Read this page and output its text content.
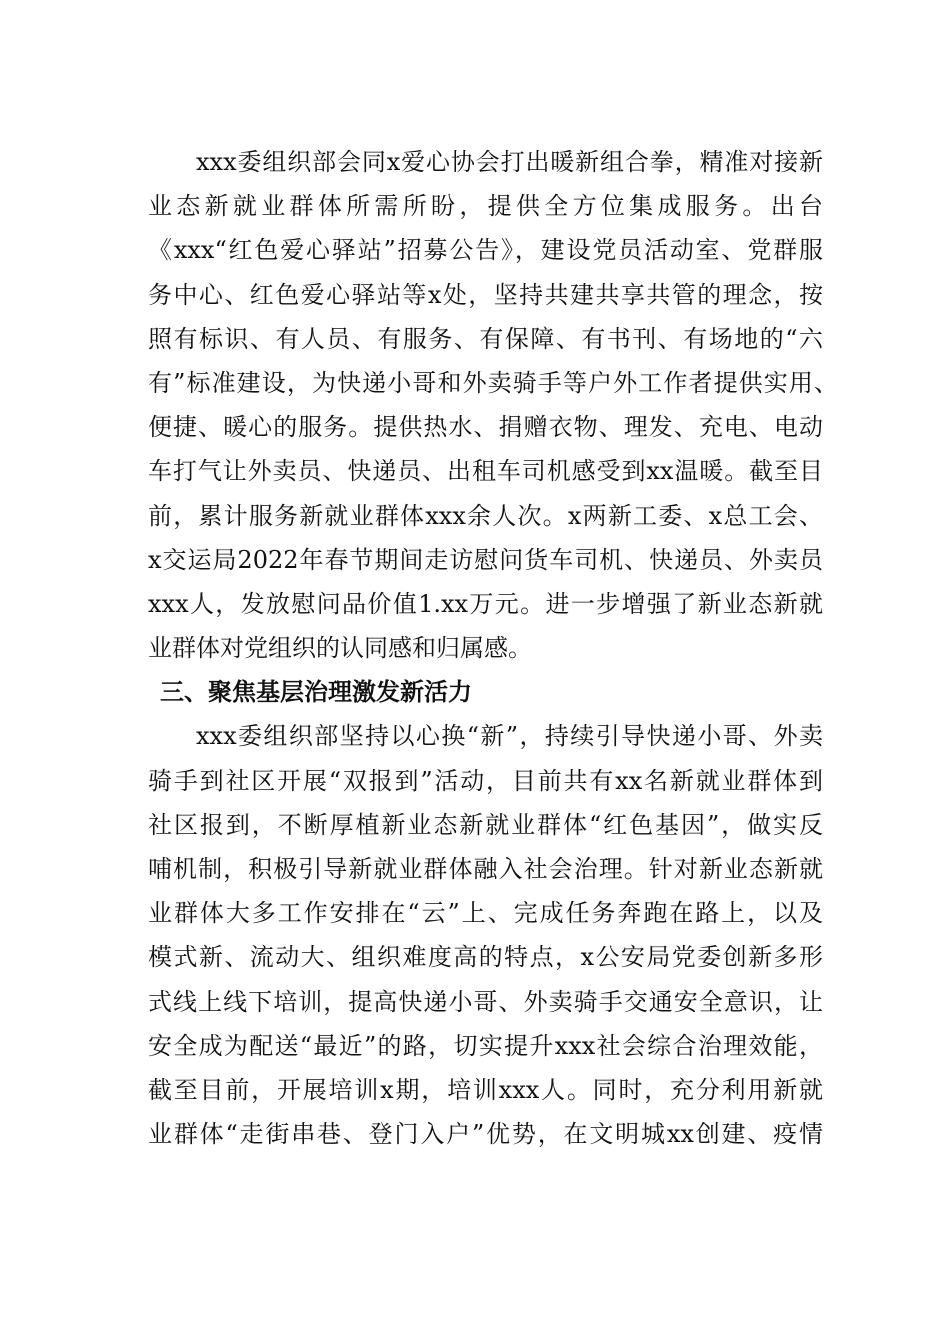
xxx委组织部会同x爱心协会打出暖新组合拳，精准对接新
业态新就业群体所需所盼，提供全方位集成服务。出台
《xxx“红色爱心驿站”招募公告》，建设党员活动室、党群服
务中心、红色爱心驿站等x处，坚持共建共享共管的理念，按
照有标识、有人员、有服务、有保障、有书刊、有场地的“六
有”标准建设，为快递小哥和外卖骑手等户外工作者提供实用、
便捷、暖心的服务。提供热水、捐赠衣物、理发、充电、电动
车打气让外卖员、快递员、出租车司机感受到xx温暖。截至目
前，累计服务新就业群体xxx余人次。x两新工委、x总工会、
x交运局2022年春节期间走访慰问货车司机、快递员、外卖员
xxx人，发放慰问品价值1.xx万元。进一步增强了新业态新就
业群体对党组织的认同感和归属感。
三、聚焦基层治理激发新活力
xxx委组织部坚持以心换“新”，持续引导快递小哥、外卖
骑手到社区开展“双报到”活动，目前共有xx名新就业群体到
社区报到，不断厚植新业态新就业群体“红色基因”，做实反
哺机制，积极引导新就业群体融入社会治理。针对新业态新就
业群体大多工作安排在“云”上、完成任务奔跑在路上，以及
模式新、流动大、组织难度高的特点，x公安局党委创新多形
式线上线下培训，提高快递小哥、外卖骑手交通安全意识，让
安全成为配送“最近”的路，切实提升xxx社会综合治理效能，
截至目前，开展培训x期，培训xxx人。同时，充分利用新就
业群体“走街串巷、登门入户”优势，在文明城xx创建、疫情
